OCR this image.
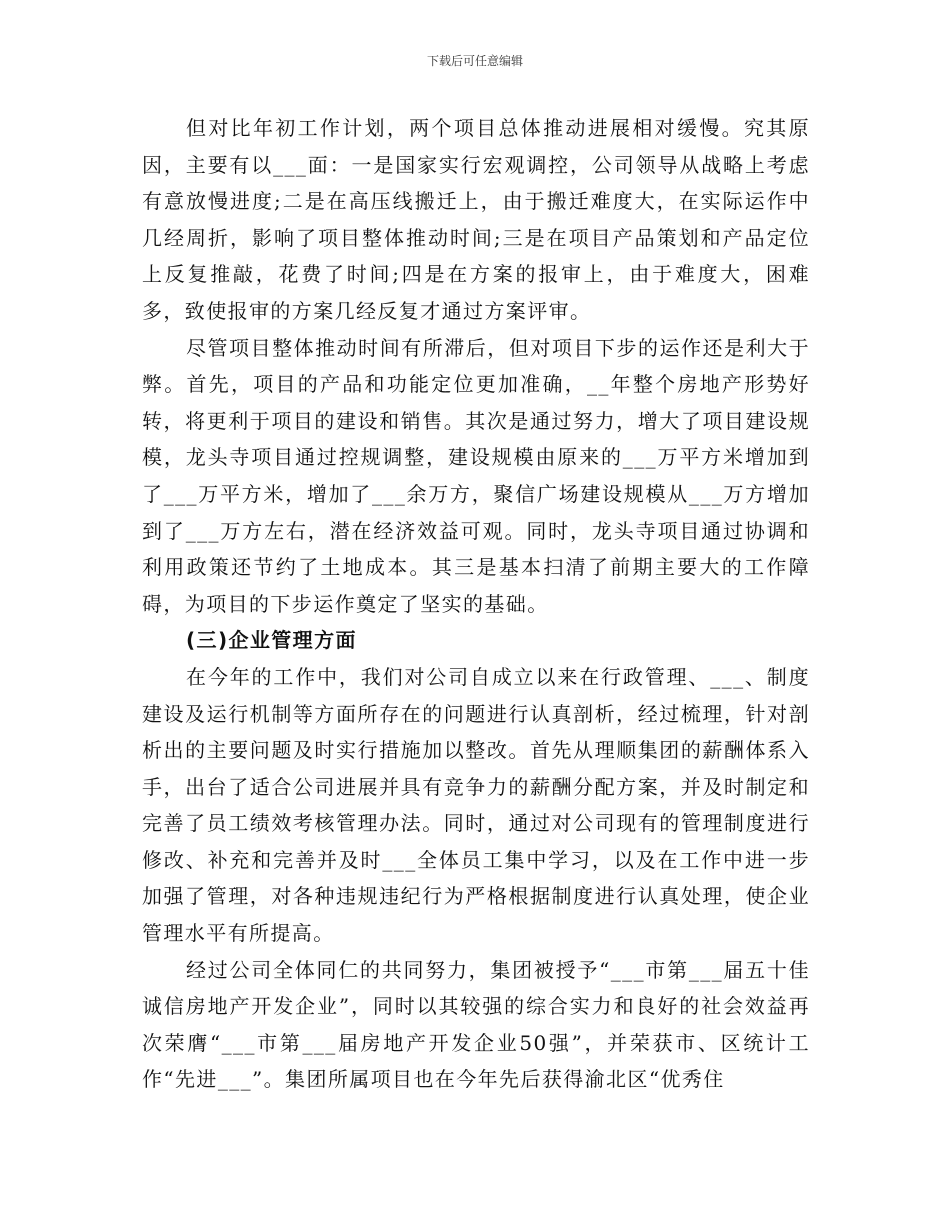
下载后可任意编辑

但对比年初工作计划，两个项目总体推动进展相对缓慢。究其原因，主要有以___面：一是国家实行宏观调控，公司领导从战略上考虑有意放慢进度;二是在高压线搬迁上，由于搬迁难度大，在实际运作中几经周折，影响了项目整体推动时间;三是在项目产品策划和产品定位上反复推敲，花费了时间;四是在方案的报审上，由于难度大，困难多，致使报审的方案几经反复才通过方案评审。

尽管项目整体推动时间有所滞后，但对项目下步的运作还是利大于弊。首先，项目的产品和功能定位更加准确，__年整个房地产形势好转，将更利于项目的建设和销售。其次是通过努力，增大了项目建设规模，龙头寺项目通过控规调整，建设规模由原来的___万平方米增加到了___万平方米，增加了___余万方，聚信广场建设规模从___万方增加到了___万方左右，潜在经济效益可观。同时，龙头寺项目通过协调和利用政策还节约了土地成本。其三是基本扫清了前期主要大的工作障碍，为项目的下步运作奠定了坚实的基础。

(三)企业管理方面

在今年的工作中，我们对公司自成立以来在行政管理、___、制度建设及运行机制等方面所存在的问题进行认真剖析，经过梳理，针对剖析出的主要问题及时实行措施加以整改。首先从理顺集团的薪酬体系入手，出台了适合公司进展并具有竞争力的薪酬分配方案，并及时制定和完善了员工绩效考核管理办法。同时，通过对公司现有的管理制度进行修改、补充和完善并及时___全体员工集中学习，以及在工作中进一步加强了管理，对各种违规违纪行为严格根据制度进行认真处理，使企业管理水平有所提高。

经过公司全体同仁的共同努力，集团被授予“___市第___届五十佳诚信房地产开发企业”，同时以其较强的综合实力和良好的社会效益再次荣膺“___市第___届房地产开发企业50强”，并荣获市、区统计工作“先进___”。集团所属项目也在今年先后获得渝北区“优秀住
